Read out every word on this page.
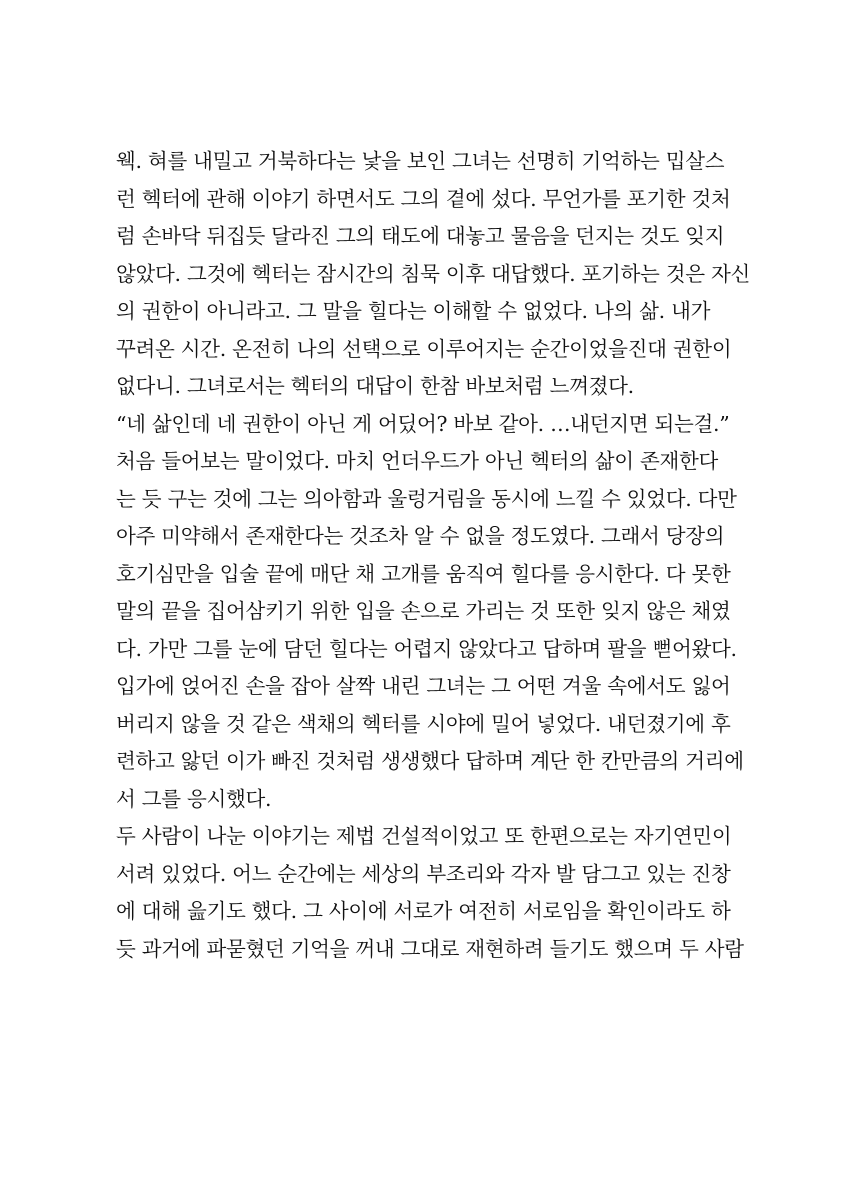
웩. 혀를 내밀고 거북하다는 낯을 보인 그녀는 선명히 기억하는 밉살스
런 헥터에 관해 이야기 하면서도 그의 곁에 섰다. 무언가를 포기한 것처
럼 손바닥 뒤집듯 달라진 그의 태도에 대놓고 물음을 던지는 것도 잊지
않았다. 그것에 헥터는 잠시간의 침묵 이후 대답했다. 포기하는 것은 자신
의 권한이 아니라고. 그 말을 힐다는 이해할 수 없었다. 나의 삶. 내가
꾸려온 시간. 온전히 나의 선택으로 이루어지는 순간이었을진대 권한이
없다니. 그녀로서는 헥터의 대답이 한참 바보처럼 느껴졌다.
“네 삶인데 네 권한이 아닌 게 어딨어? 바보 같아. …내던지면 되는걸.”
처음 들어보는 말이었다. 마치 언더우드가 아닌 헥터의 삶이 존재한다
는 듯 구는 것에 그는 의아함과 울렁거림을 동시에 느낄 수 있었다. 다만
아주 미약해서 존재한다는 것조차 알 수 없을 정도였다. 그래서 당장의
호기심만을 입술 끝에 매단 채 고개를 움직여 힐다를 응시한다. 다 못한
말의 끝을 집어삼키기 위한 입을 손으로 가리는 것 또한 잊지 않은 채였
다. 가만 그를 눈에 담던 힐다는 어렵지 않았다고 답하며 팔을 뻗어왔다.
입가에 얹어진 손을 잡아 살짝 내린 그녀는 그 어떤 겨울 속에서도 잃어
버리지 않을 것 같은 색채의 헥터를 시야에 밀어 넣었다. 내던졌기에 후
련하고 앓던 이가 빠진 것처럼 생생했다 답하며 계단 한 칸만큼의 거리에
서 그를 응시했다.
두 사람이 나눈 이야기는 제법 건설적이었고 또 한편으로는 자기연민이
서려 있었다. 어느 순간에는 세상의 부조리와 각자 발 담그고 있는 진창
에 대해 읊기도 했다. 그 사이에 서로가 여전히 서로임을 확인이라도 하
듯 과거에 파묻혔던 기억을 꺼내 그대로 재현하려 들기도 했으며 두 사람
